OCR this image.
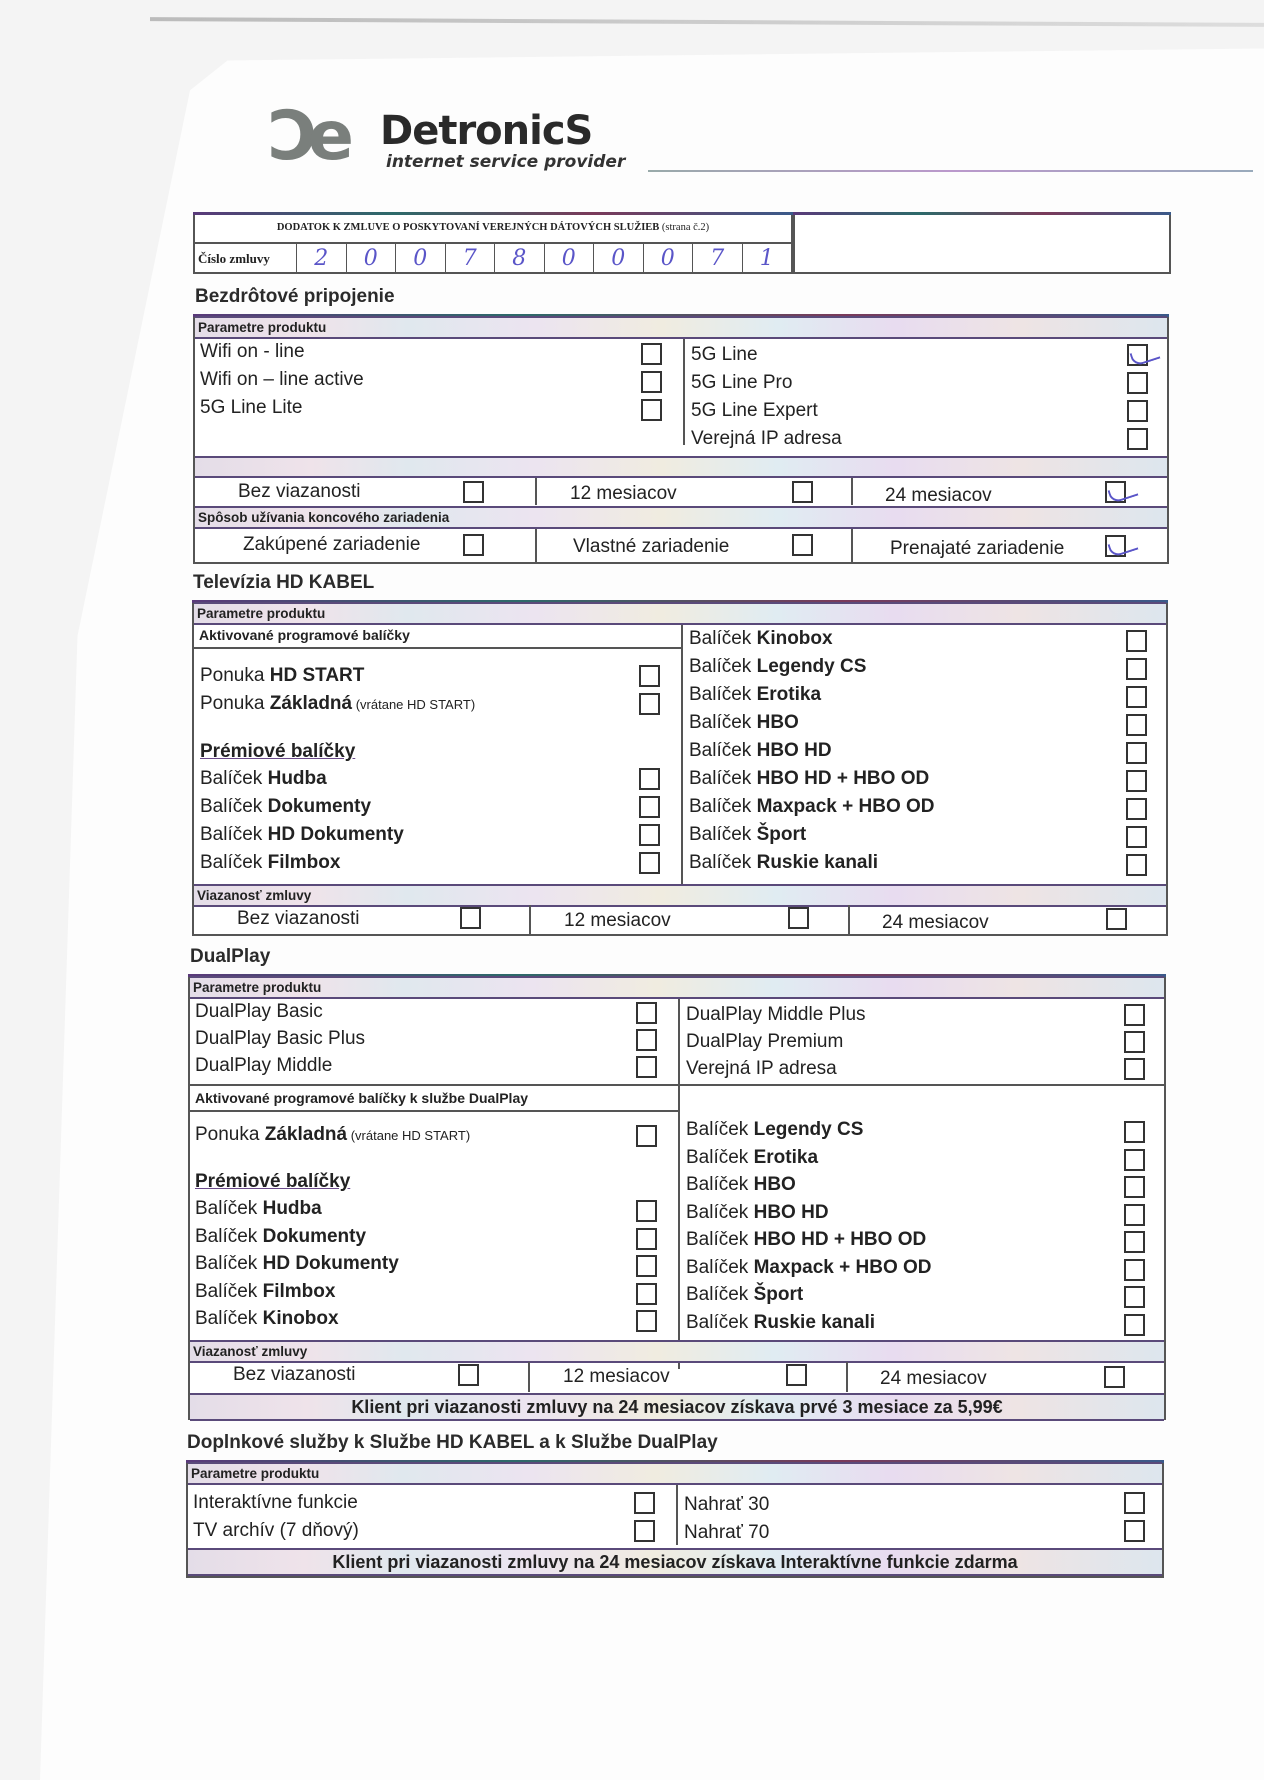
Ↄe DetronicS
internet service provider
DODATOK K ZMLUVE O POSKYTOVANÍ VEREJNÝCH DÁTOVÝCH SLUŽIEB (strana č.2)
Číslo zmluvy	2	0	0	7	8	0	0	0	7	1
Bezdrôtové pripojenie
Parametre produktu
Wifi on - line
Wifi on – line active
5G Line Lite
5G Line
5G Line Pro
5G Line Expert
Verejná IP adresa
Bez viazanosti	12 mesiacov	24 mesiacov
Spôsob užívania koncového zariadenia
Zakúpené zariadenie	Vlastné zariadenie	Prenajaté zariadenie
Televízia HD KABEL
Parametre produktu
Aktivované programové balíčky
Ponuka HD START
Ponuka Základná (vrátane HD START)
Prémiové balíčky
Balíček Hudba
Balíček Dokumenty
Balíček HD Dokumenty
Balíček Filmbox
Balíček Kinobox
Balíček Legendy CS
Balíček Erotika
Balíček HBO
Balíček HBO HD
Balíček HBO HD + HBO OD
Balíček Maxpack + HBO OD
Balíček Šport
Balíček Ruskie kanali
Viazanosť zmluvy
Bez viazanosti	12 mesiacov	24 mesiacov
DualPlay
Parametre produktu
DualPlay Basic
DualPlay Basic Plus
DualPlay Middle
DualPlay Middle Plus
DualPlay Premium
Verejná IP adresa
Aktivované programové balíčky k službe DualPlay
Ponuka Základná (vrátane HD START)
Prémiové balíčky
Balíček Hudba
Balíček Dokumenty
Balíček HD Dokumenty
Balíček Filmbox
Balíček Kinobox
Balíček Legendy CS
Balíček Erotika
Balíček HBO
Balíček HBO HD
Balíček HBO HD + HBO OD
Balíček Maxpack + HBO OD
Balíček Šport
Balíček Ruskie kanali
Viazanosť zmluvy
Bez viazanosti	12 mesiacov	24 mesiacov
Klient pri viazanosti zmluvy na 24 mesiacov získava prvé 3 mesiace za 5,99€
Doplnkové služby k Službe HD KABEL a k Službe DualPlay
Parametre produktu
Interaktívne funkcie
TV archív (7 dňový)
Nahrať 30
Nahrať 70
Klient pri viazanosti zmluvy na 24 mesiacov získava Interaktívne funkcie zdarma
